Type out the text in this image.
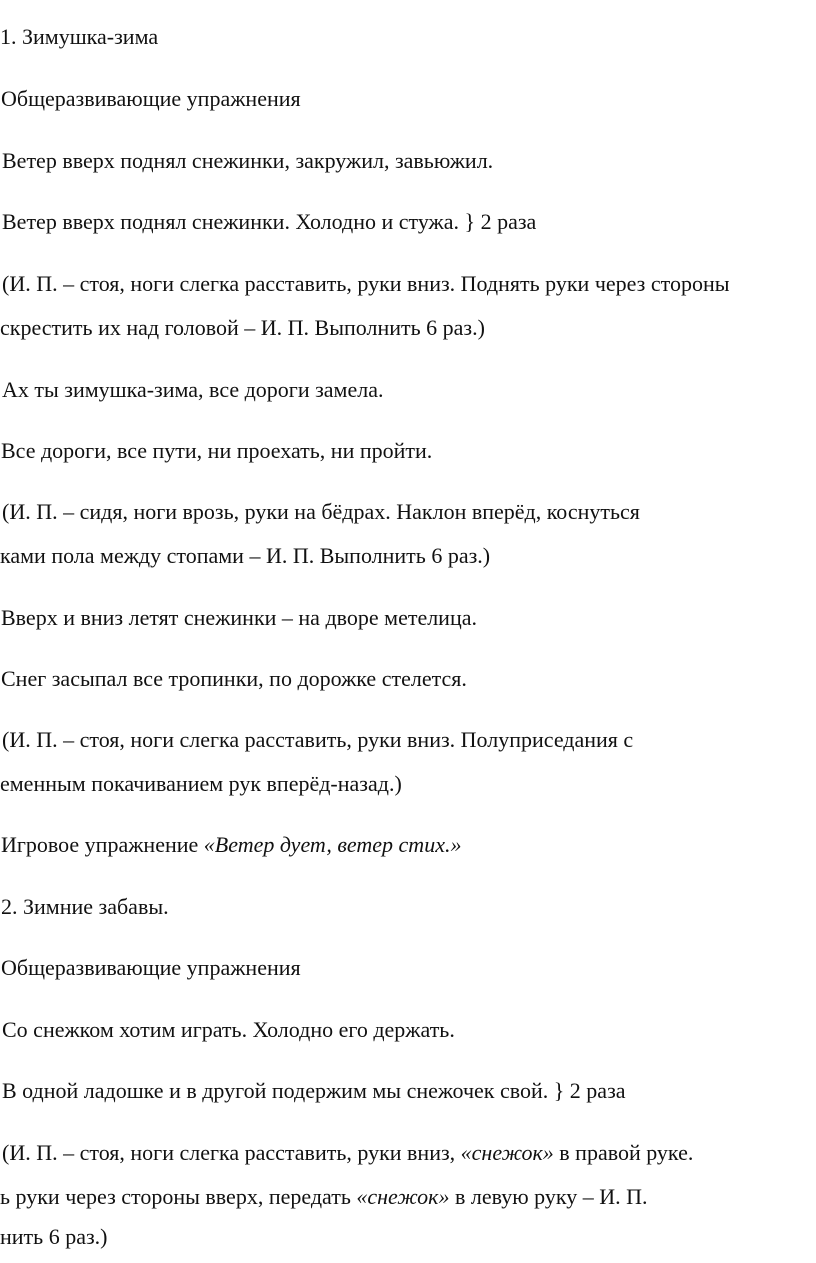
1. Зимушка-зима

Общеразвивающие упражнения

Ветер вверх поднял снежинки, закружил, завьюжил.

Ветер вверх поднял снежинки. Холодно и стужа. } 2 раза

(И. П. – стоя, ноги слегка расставить, руки вниз. Поднять руки через стороны

скрестить их над головой – И. П. Выполнить 6 раз.)

Ах ты зимушка-зима, все дороги замела.

Все дороги, все пути, ни проехать, ни пройти.

(И. П. – сидя, ноги врозь, руки на бёдрах. Наклон вперёд, коснуться

ками пола между стопами – И. П. Выполнить 6 раз.)

Вверх и вниз летят снежинки – на дворе метелица.

Снег засыпал все тропинки, по дорожке стелется.

(И. П. – стоя, ноги слегка расставить, руки вниз. Полуприседания с

еменным покачиванием рук вперёд-назад.)

Игровое упражнение «Ветер дует, ветер стих.»

2. Зимние забавы.

Общеразвивающие упражнения

Со снежком хотим играть. Холодно его держать.

В одной ладошке и в другой подержим мы снежочек свой. } 2 раза

(И. П. – стоя, ноги слегка расставить, руки вниз, «снежок» в правой руке.

ь руки через стороны вверх, передать «снежок» в левую руку – И. П.

нить 6 раз.)
